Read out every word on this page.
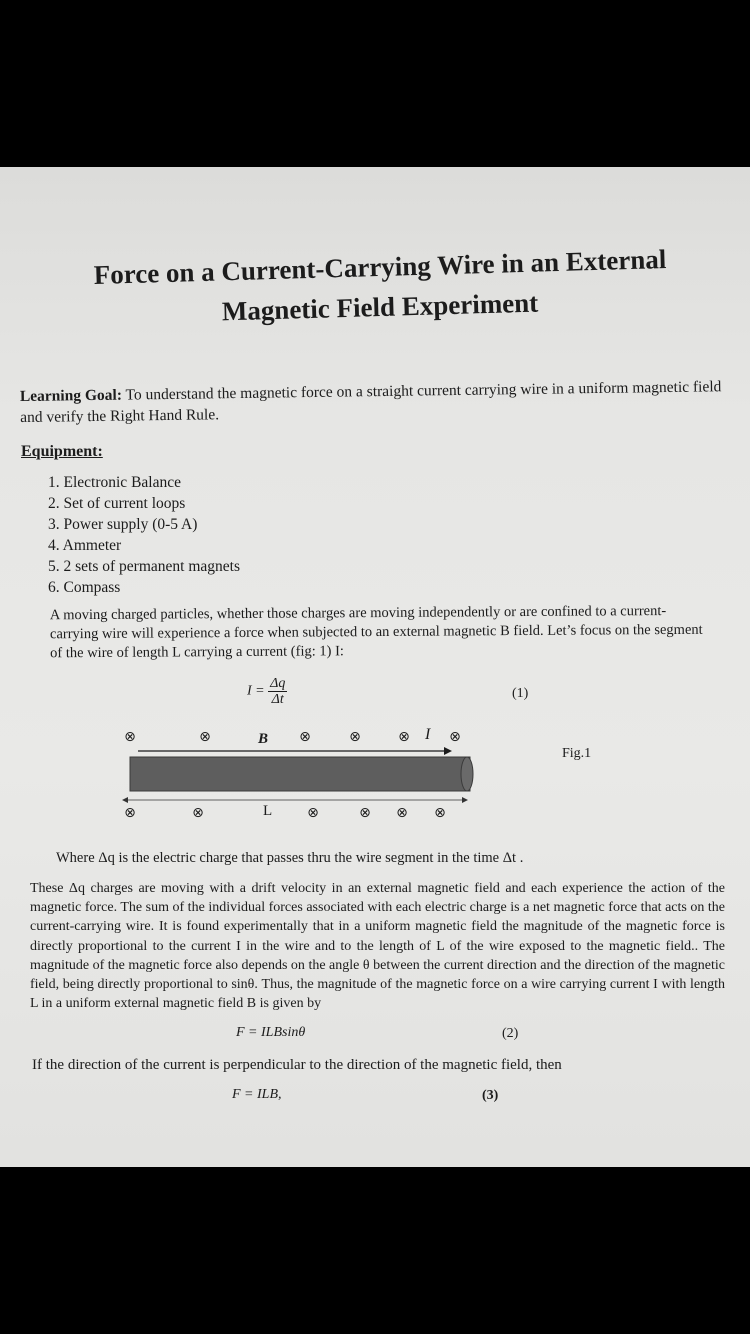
Force on a Current-Carrying Wire in an External
Magnetic Field Experiment
Learning Goal: To understand the magnetic force on a straight current carrying wire in a uniform magnetic field and verify the Right Hand Rule.
Equipment:
1. Electronic Balance
2. Set of current loops
3. Power supply (0-5 A)
4. Ammeter
5. 2 sets of permanent magnets
6. Compass
A moving charged particles, whether those charges are moving independently or are confined to a current-carrying wire will experience a force when subjected to an external magnetic B field. Let’s focus on the segment of the wire of length L carrying a current (fig: 1) I:
$I = \frac{\Delta q}{\Delta t}$	(1)
⊗	⊗	⊗	⊗	⊗	⊗
⊗	⊗	⊗	⊗ ⊗ ⊗
B	I
L
Fig.1
Where Δq is the electric charge that passes thru the wire segment in the time Δt .
These Δq charges are moving with a drift velocity in an external magnetic field and each experience the action of the magnetic force. The sum of the individual forces associated with each electric charge is a net magnetic force that acts on the current-carrying wire. It is found experimentally that in a uniform magnetic field the magnitude of the magnetic force is directly proportional to the current I in the wire and to the length of L of the wire exposed to the magnetic field.. The magnitude of the magnetic force also depends on the angle θ between the current direction and the direction of the magnetic field, being directly proportional to sinθ. Thus, the magnitude of the magnetic force on a wire carrying current I with length L in a uniform external magnetic field B is given by
F = ILBsinθ	(2)
If the direction of the current is perpendicular to the direction of the magnetic field, then
F = ILB,	(3)
